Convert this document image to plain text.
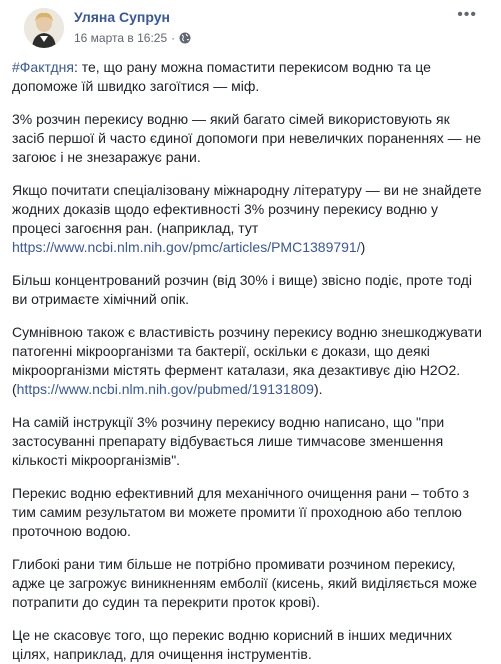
Уляна Супрун
16 марта в 16:25 ·
•••

#Фактдня: те, що рану можна помастити перекисом водню та це допоможе їй швидко загоїтися — міф.

3% розчин перекису водню — який багато сімей використовують як засіб першої й часто єдиної допомоги при невеличких пораненнях — не загоює і не знезаражує рани.

Якщо почитати спеціалізовану міжнародну літературу — ви не знайдете жодних доказів щодо ефективності 3% розчину перекису водню у процесі загоєння ран. (наприклад, тут https://www.ncbi.nlm.nih.gov/pmc/articles/PMC1389791/)

Більш концентрований розчин (від 30% і вище) звісно подіє, проте тоді ви отримаєте хімічний опік.

Сумнівною також є властивість розчину перекису водню знешкоджувати патогенні мікроорганізми та бактерії, оскільки є докази, що деякі мікроорганізми містять фермент каталази, яка дезактивує дію H2O2. (https://www.ncbi.nlm.nih.gov/pubmed/19131809).

На самій інструкції 3% розчину перекису водню написано, що "при застосуванні препарату відбувається лише тимчасове зменшення кількості мікроорганізмів".

Перекис водню ефективний для механічного очищення рани – тобто з тим самим результатом ви можете промити її проходною або теплою проточною водою.

Глибокі рани тим більше не потрібно промивати розчином перекису, адже це загрожує виникненням емболії (кисень, який виділяється може потрапити до судин та перекрити проток крові).

Це не скасовує того, що перекис водню корисний в інших медичних цілях, наприклад, для очищення інструментів.
